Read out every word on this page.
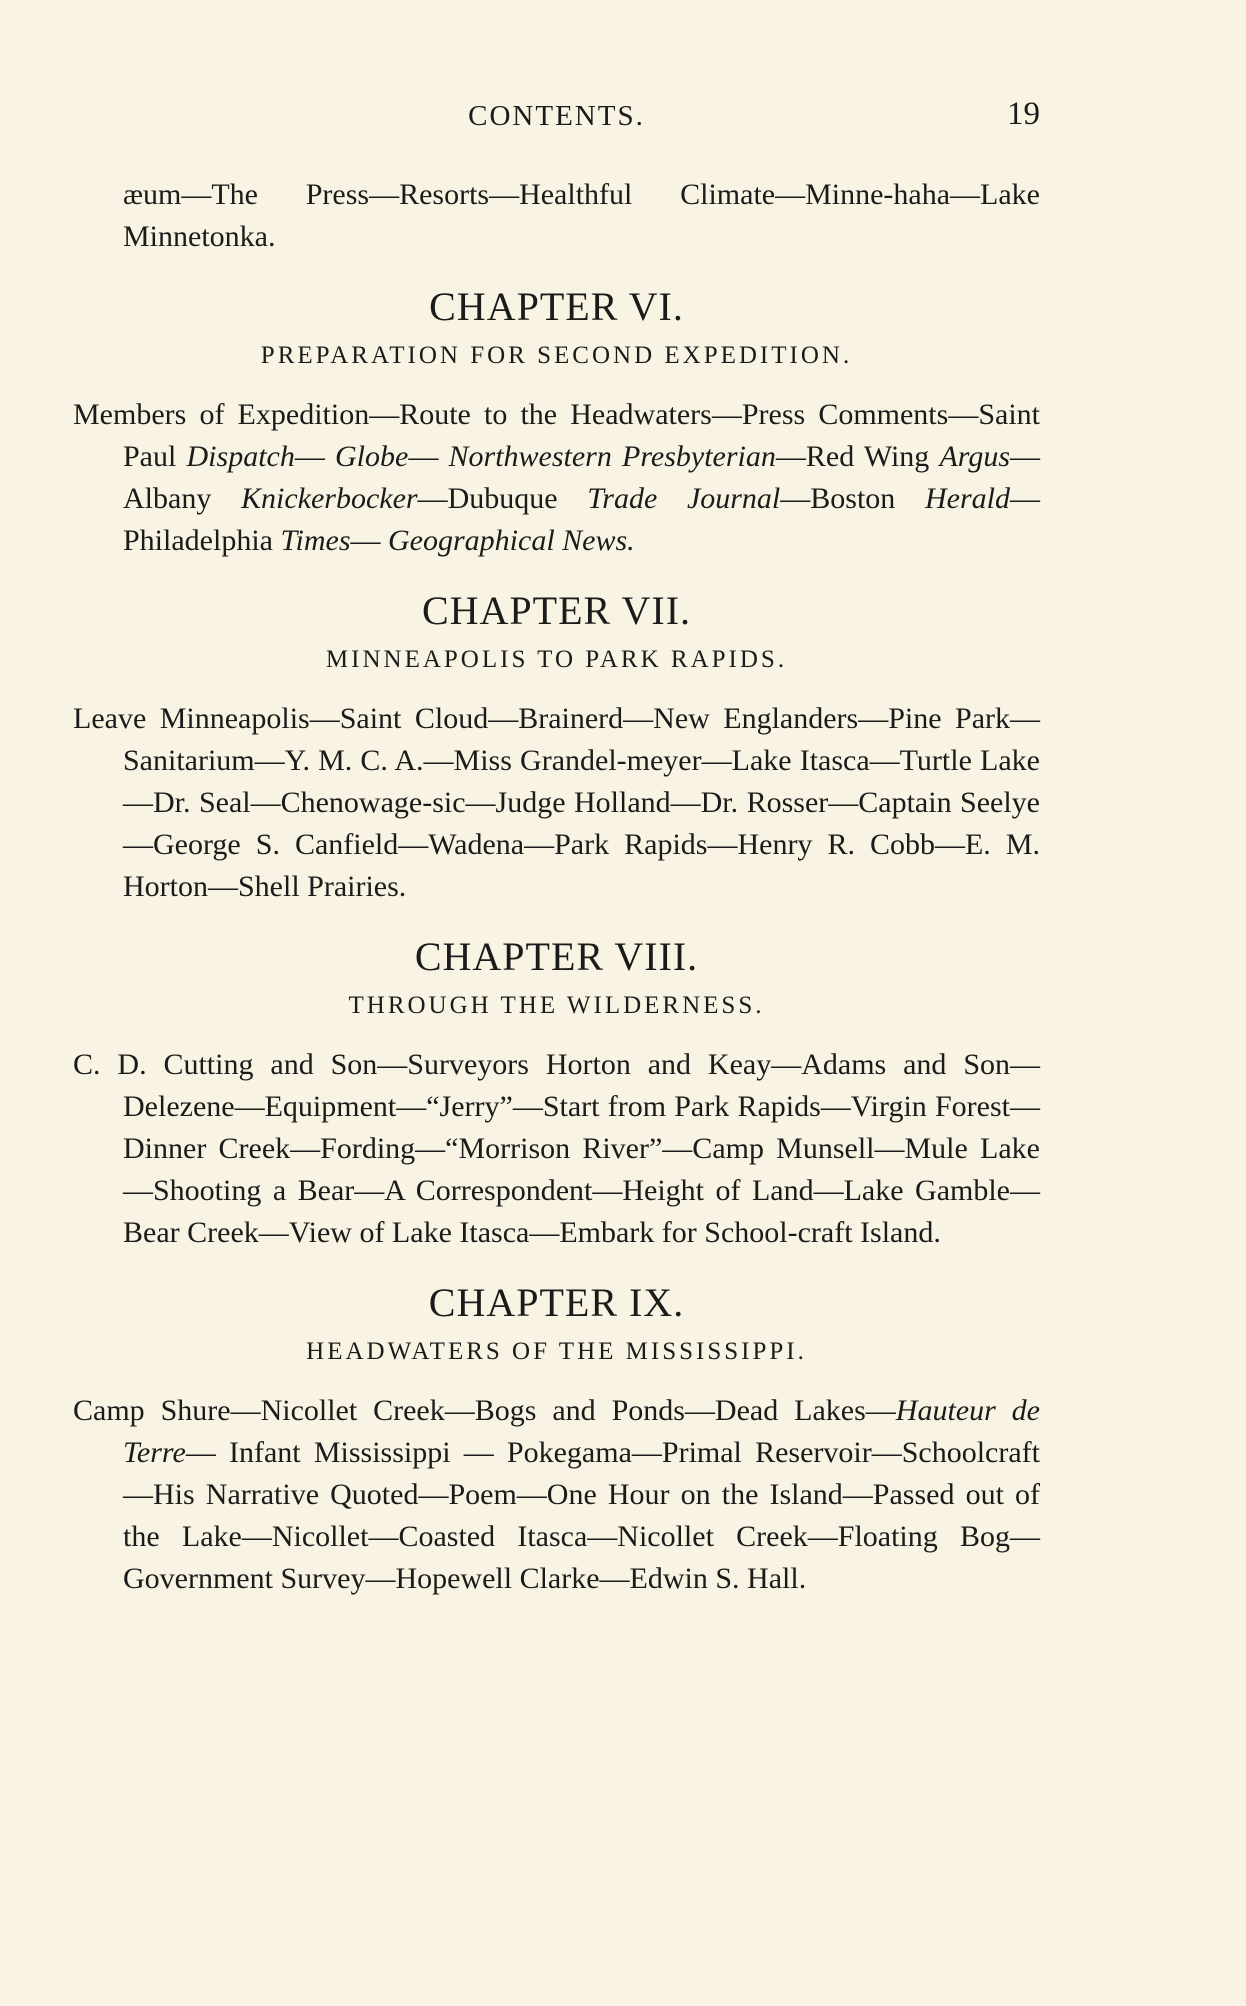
CONTENTS.	19
æum—The Press—Resorts—Healthful Climate—Minne-haha—Lake Minnetonka.
CHAPTER VI.
PREPARATION FOR SECOND EXPEDITION.
Members of Expedition—Route to the Headwaters—Press Comments—Saint Paul Dispatch— Globe— Northwestern Presbyterian—Red Wing Argus—Albany Knickerbocker—Dubuque Trade Journal—Boston Herald—Philadelphia Times— Geographical News.
CHAPTER VII.
MINNEAPOLIS TO PARK RAPIDS.
Leave Minneapolis—Saint Cloud—Brainerd—New Englanders—Pine Park—Sanitarium—Y. M. C. A.—Miss Grandel-meyer—Lake Itasca—Turtle Lake—Dr. Seal—Chenowage-sic—Judge Holland—Dr. Rosser—Captain Seelye—George S. Canfield—Wadena—Park Rapids—Henry R. Cobb—E. M. Horton—Shell Prairies.
CHAPTER VIII.
THROUGH THE WILDERNESS.
C. D. Cutting and Son—Surveyors Horton and Keay—Adams and Son—Delezene—Equipment—“Jerry”—Start from Park Rapids—Virgin Forest—Dinner Creek—Fording—“Morrison River”—Camp Munsell—Mule Lake—Shooting a Bear—A Correspondent—Height of Land—Lake Gamble—Bear Creek—View of Lake Itasca—Embark for School-craft Island.
CHAPTER IX.
HEADWATERS OF THE MISSISSIPPI.
Camp Shure—Nicollet Creek—Bogs and Ponds—Dead Lakes—Hauteur de Terre— Infant Mississippi — Pokegama—Primal Reservoir—Schoolcraft—His Narrative Quoted—Poem—One Hour on the Island—Passed out of the Lake—Nicollet—Coasted Itasca—Nicollet Creek—Floating Bog—Government Survey—Hopewell Clarke—Edwin S. Hall.
